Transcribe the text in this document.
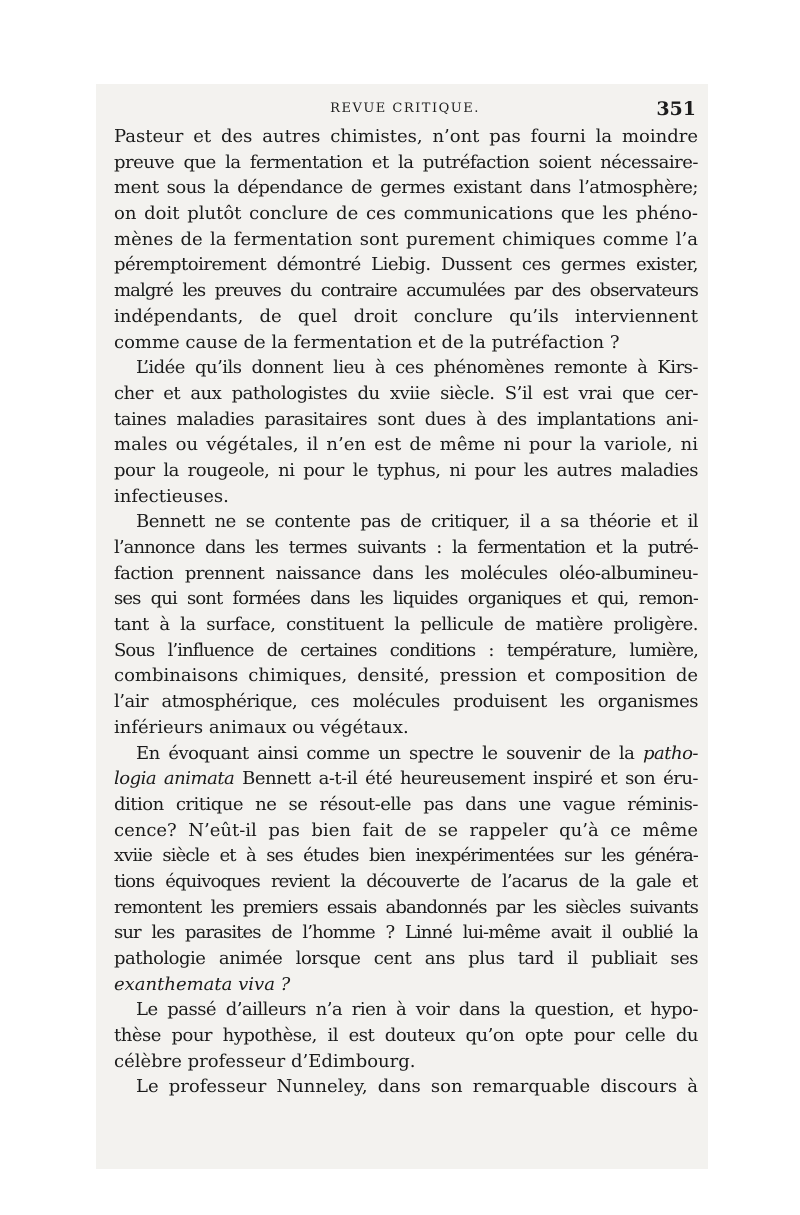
REVUE CRITIQUE.	351
Pasteur et des autres chimistes, n’ont pas fourni la moindre
preuve que la fermentation et la putréfaction soient nécessaire-
ment sous la dépendance de germes existant dans l’atmosphère;
on doit plutôt conclure de ces communications que les phéno-
mènes de la fermentation sont purement chimiques comme l’a
péremptoirement démontré Liebig. Dussent ces germes exister,
malgré les preuves du contraire accumulées par des observateurs
indépendants, de quel droit conclure qu’ils interviennent
comme cause de la fermentation et de la putréfaction ?
L’idée qu’ils donnent lieu à ces phénomènes remonte à Kirs-
cher et aux pathologistes du xviie siècle. S’il est vrai que cer-
taines maladies parasitaires sont dues à des implantations ani-
males ou végétales, il n’en est de même ni pour la variole, ni
pour la rougeole, ni pour le typhus, ni pour les autres maladies
infectieuses.
Bennett ne se contente pas de critiquer, il a sa théorie et il
l’annonce dans les termes suivants : la fermentation et la putré-
faction prennent naissance dans les molécules oléo-albumineu-
ses qui sont formées dans les liquides organiques et qui, remon-
tant à la surface, constituent la pellicule de matière proligère.
Sous l’influence de certaines conditions : température, lumière,
combinaisons chimiques, densité, pression et composition de
l’air atmosphérique, ces molécules produisent les organismes
inférieurs animaux ou végétaux.
En évoquant ainsi comme un spectre le souvenir de la patho-
logia animata Bennett a-t-il été heureusement inspiré et son éru-
dition critique ne se résout-elle pas dans une vague réminis-
cence? N’eût-il pas bien fait de se rappeler qu’à ce même
xviie siècle et à ses études bien inexpérimentées sur les généra-
tions équivoques revient la découverte de l’acarus de la gale et
remontent les premiers essais abandonnés par les siècles suivants
sur les parasites de l’homme ? Linné lui-même avait il oublié la
pathologie animée lorsque cent ans plus tard il publiait ses
exanthemata viva ?
Le passé d’ailleurs n’a rien à voir dans la question, et hypo-
thèse pour hypothèse, il est douteux qu’on opte pour celle du
célèbre professeur d’Edimbourg.
Le professeur Nunneley, dans son remarquable discours à
